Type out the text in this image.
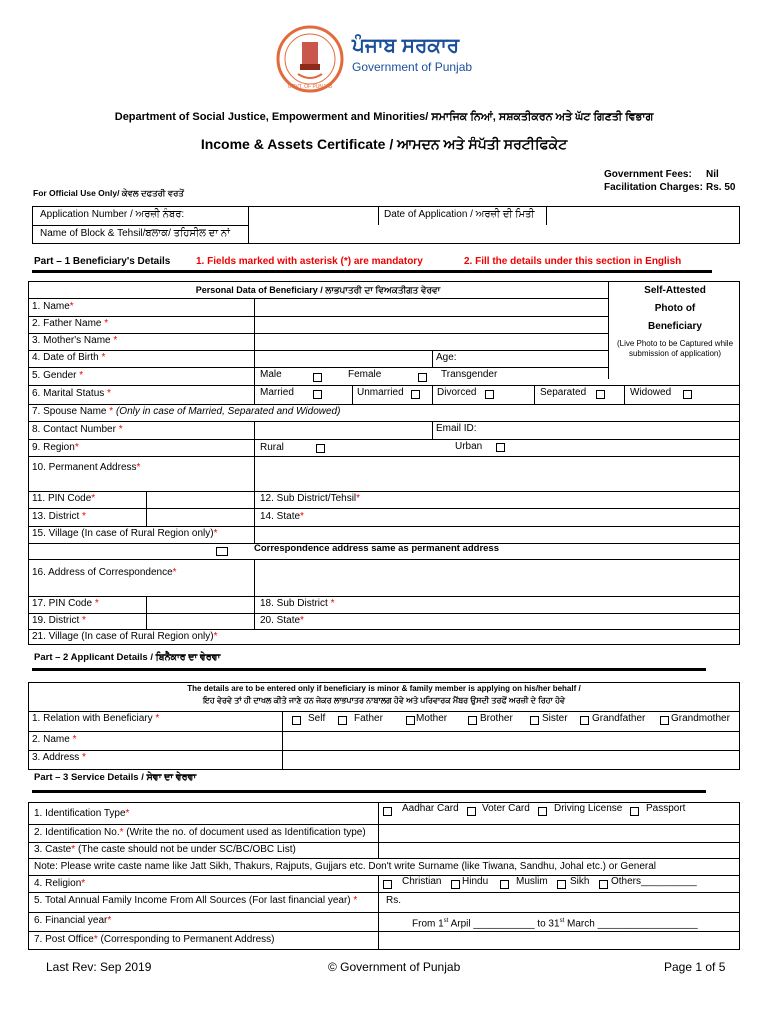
GOVT. OF PUNJAB
ਪੰਜਾਬ ਸਰਕਾਰ
Government of Punjab
Department of Social Justice, Empowerment and Minorities/ ਸਮਾਜਿਕ ਨਿਆਂ, ਸਸ਼ਕਤੀਕਰਨ ਅਤੇ ਘੱਟ ਗਿਣਤੀ ਵਿਭਾਗ
Income & Assets Certificate / ਆਮਦਨ ਅਤੇ ਸੰਪੱਤੀ ਸਰਟੀਫਿਕੇਟ
Government Fees: Nil
Facilitation Charges: Rs. 50
For Official Use Only/ ਕੇਵਲ ਦਫਤਰੀ ਵਰਤੋਂ
Application Number / ਅਰਜ਼ੀ ਨੰਬਰ:	Date of Application / ਅਰਜ਼ੀ ਦੀ ਮਿਤੀ
Name of Block & Tehsil/ਬਲਾਕ/ ਤਹਿਸੀਲ ਦਾ ਨਾਂ
Part – 1 Beneficiary's Details	1. Fields marked with asterisk (*) are mandatory	2. Fill the details under this section in English
Self-Attested
Photo of
Beneficiary
(Live Photo to be Captured while submission of application)
Personal Data of Beneficiary / ਲਾਭਪਾਤਰੀ ਦਾ ਵਿਅਕਤੀਗਤ ਵੇਰਵਾ
1. Name*
2. Father Name *
3. Mother's Name *
4. Date of Birth *	Age:
5. Gender *	Male	Female	Transgender
6. Marital Status *	Married	Unmarried	Divorced	Separated	Widowed
7. Spouse Name * (Only in case of Married, Separated and Widowed)
8. Contact Number *	Email ID:
9. Region*	Rural	Urban
10. Permanent Address*
11. PIN Code*	12. Sub District/Tehsil*
13. District *	14. State*
15. Village (In case of Rural Region only)*
Correspondence address same as permanent address
16. Address of Correspondence*
17. PIN Code *	18. Sub District *
19. District *	20. State*
21. Village (In case of Rural Region only)*
Part – 2 Applicant Details / ਬਿਨੈਕਾਰ ਦਾ ਵੇਰਵਾ
The details are to be entered only if beneficiary is minor & family member is applying on his/her behalf /
ਇਹ ਵੇਰਵੇ ਤਾਂ ਹੀ ਦਾਖਲ ਕੀਤੇ ਜਾਣੇ ਹਨ ਜੇਕਰ ਲਾਭਪਾਤਰ ਨਾਬਾਲਗ ਹੋਵੇ ਅਤੇ ਪਰਿਵਾਰਕ ਮੈਂਬਰ ਉਸਦੀ ਤਰਫੋਂ ਅਰਜ਼ੀ ਦੇ ਰਿਹਾ ਹੋਵੇ
1. Relation with Beneficiary *	Self	Father	Mother	Brother	Sister Grandfather	Grandmother
2. Name *
3. Address *
Part – 3 Service Details / ਸੇਵਾ ਦਾ ਵੇਰਵਾ
1. Identification Type*	Aadhar Card Voter Card Driving License Passport
2. Identification No.* (Write the no. of document used as Identification type)
3. Caste* (The caste should not be under SC/BC/OBC List)
Note: Please write caste name like Jatt Sikh, Thakurs, Rajputs, Gujjars etc. Don't write Surname (like Tiwana, Sandhu, Johal etc.) or General
4. Religion*	Christian Hindu	Muslim Sikh Others__________
5. Total Annual Family Income From All Sources (For last financial year) *	Rs.
6. Financial year*	From 1st Arpil ___________ to 31st March __________________
7. Post Office* (Corresponding to Permanent Address)
Last Rev: Sep 2019	© Government of Punjab	Page 1 of 5
